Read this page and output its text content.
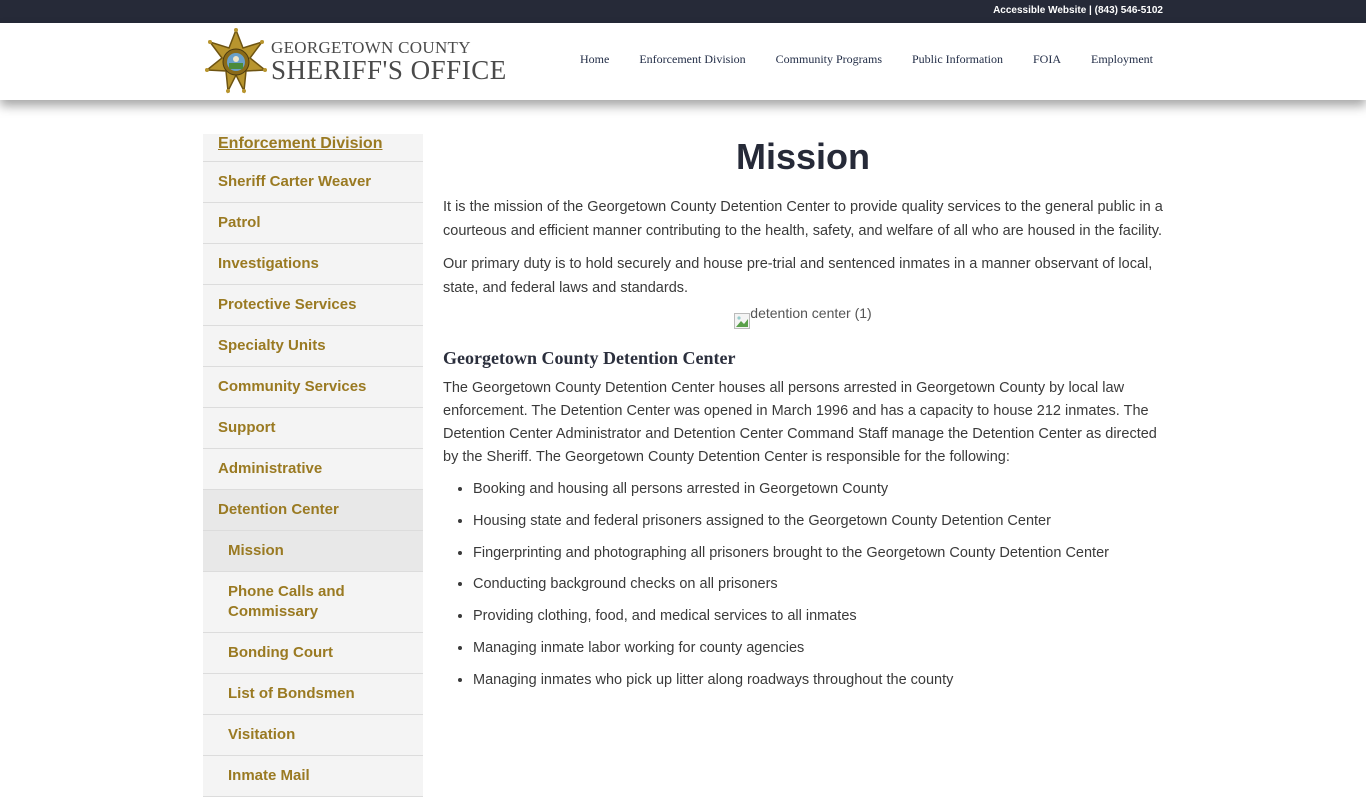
Accessible Website | (843) 546-5102
GEORGETOWN COUNTY
SHERIFF'S OFFICE	Home	Enforcement Division	Community Programs	Public Information	FOIA	Employment
Enforcement Division
Sheriff Carter Weaver
Patrol
Investigations
Protective Services
Specialty Units
Community Services
Support
Administrative
Detention Center
Mission
Phone Calls and Commissary
Bonding Court
List of Bondsmen
Visitation
Inmate Mail
Mission

It is the mission of the Georgetown County Detention Center to provide quality services to the general public in a courteous and efficient manner contributing to the health, safety, and welfare of all who are housed in the facility.

Our primary duty is to hold securely and house pre-trial and sentenced inmates in a manner observant of local, state, and federal laws and standards.

detention center (1)
Georgetown County Detention Center

The Georgetown County Detention Center houses all persons arrested in Georgetown County by local law enforcement. The Detention Center was opened in March 1996 and has a capacity to house 212 inmates. The Detention Center Administrator and Detention Center Command Staff manage the Detention Center as directed by the Sheriff. The Georgetown County Detention Center is responsible for the following:

• Booking and housing all persons arrested in Georgetown County
• Housing state and federal prisoners assigned to the Georgetown County Detention Center
• Fingerprinting and photographing all prisoners brought to the Georgetown County Detention Center
• Conducting background checks on all prisoners
• Providing clothing, food, and medical services to all inmates
• Managing inmate labor working for county agencies
• Managing inmates who pick up litter along roadways throughout the county
